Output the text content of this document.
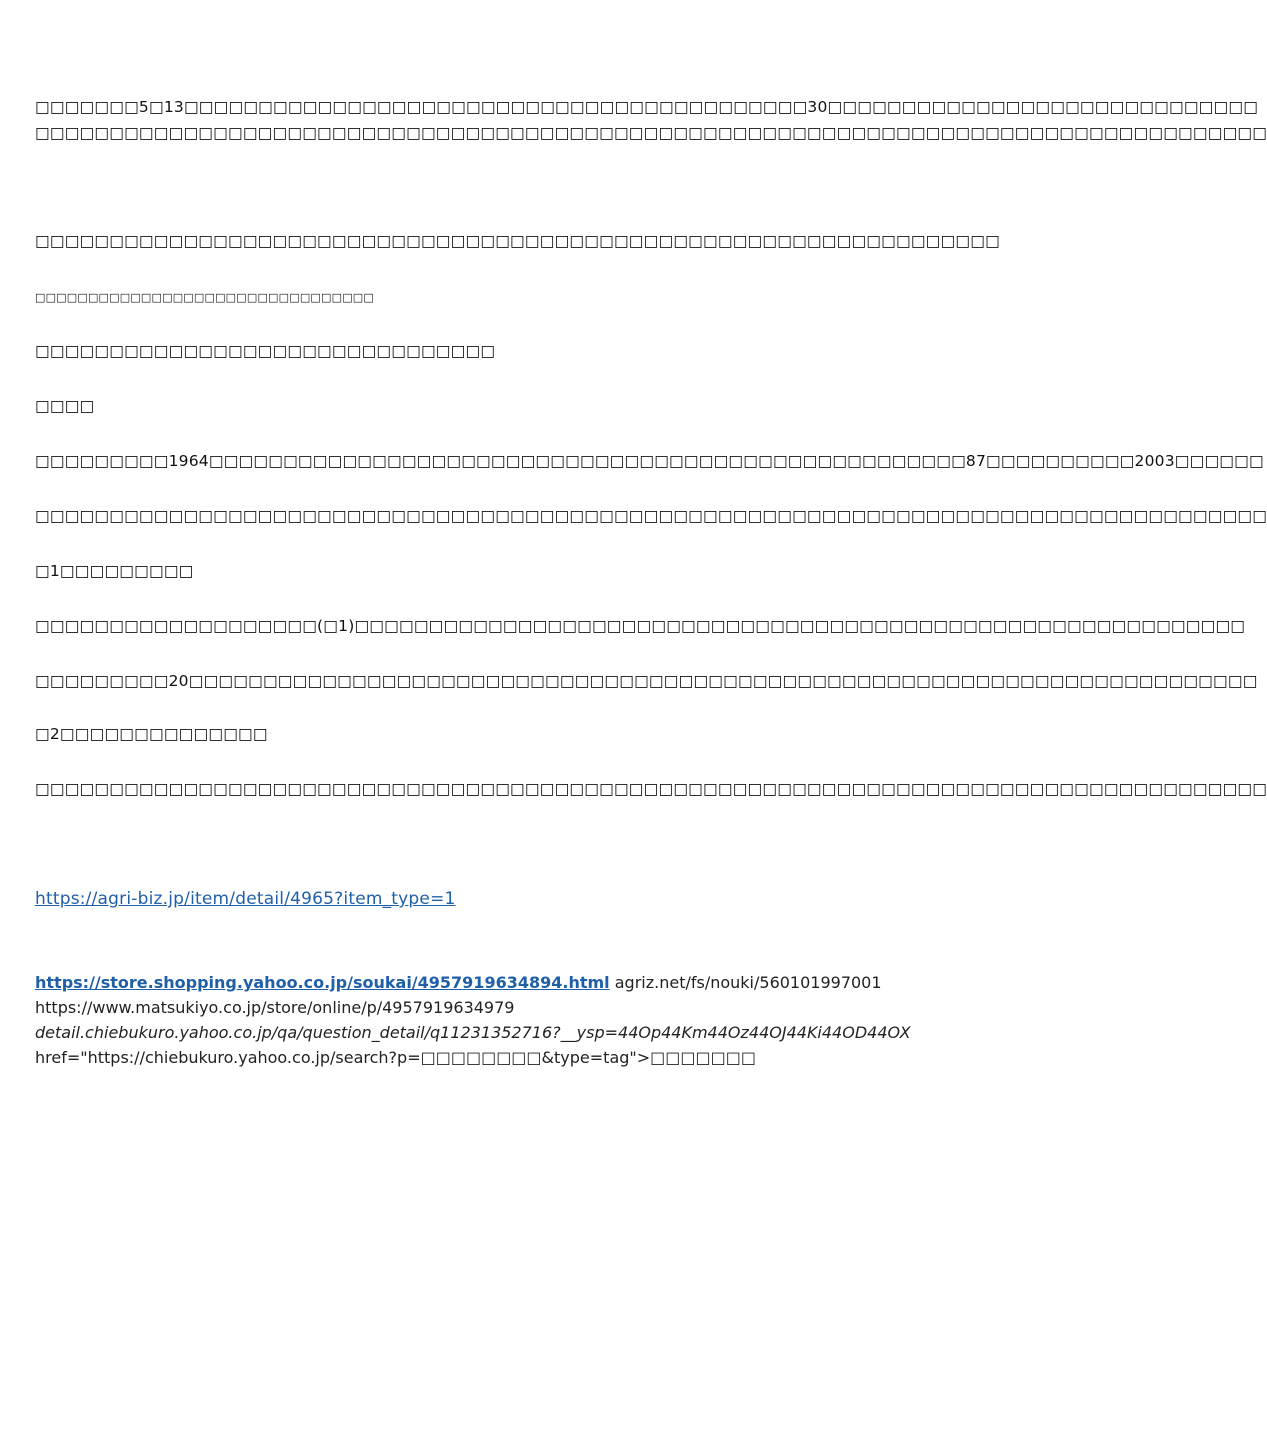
□□□□□□□5□13□□□□□□□□□□□□□□□□□□□□□□□□□□□□□□□□□□□□□□□□□□30□□□□□□□□□□□□□□□□□□□□□□□□□□□□□
□□□□□□□□□□□□□□□□□□□□□□□□□□□□□□□□□□□□□□□□□□□□□□□□□□□□□□□□□□□□□□□□□□□□□□□□□□□□□□□□□□□
□□□□□□□□□□□□□□□□□□□□□□□□□□□□□□□□□□□□□□□□□□□□□□□□□□□□□□□□□□□□□□□□□
□□□□□□□□□□□□□□□□□□□□□□□□□□□□□□□□
□□□□□□□□□□□□□□□□□□□□□□□□□□□□□□□
□□□□
□□□□□□□□□1964□□□□□□□□□□□□□□□□□□□□□□□□□□□□□□□□□□□□□□□□□□□□□□□□□□□87□□□□□□□□□□2003□□□□□□
□□□□□□□□□□□□□□□□□□□□□□□□□□□□□□□□□□□□□□□□□□□□□□□□□□□□□□□□□□□□□□□□□□□□□□□□□□□□□□□□□□□
□1□□□□□□□□□
□□□□□□□□□□□□□□□□□□□(□1)□□□□□□□□□□□□□□□□□□□□□□□□□□□□□□□□□□□□□□□□□□□□□□□□□□□□□□□□□□□□
□□□□□□□□□20□□□□□□□□□□□□□□□□□□□□□□□□□□□□□□□□□□□□□□□□□□□□□□□□□□□□□□□□□□□□□□□□□□□□□□□□
□2□□□□□□□□□□□□□□
□□□□□□□□□□□□□□□□□□□□□□□□□□□□□□□□□□□□□□□□□□□□□□□□□□□□□□□□□□□□□□□□□□□□□□□□□□□□□□□□□□□
https://agri-biz.jp/item/detail/4965?item_type=1
https://store.shopping.yahoo.co.jp/soukai/4957919634894.html agriz.net/fs/nouki/560101997001
https://www.matsukiyo.co.jp/store/online/p/4957919634979
detail.chiebukuro.yahoo.co.jp/qa/question_detail/q11231352716?__ysp=44Op44Km44Oz44OJ44Ki44OD44OX
href="https://chiebukuro.yahoo.co.jp/search?p=□□□□□□□□&type=tag">□□□□□□□
